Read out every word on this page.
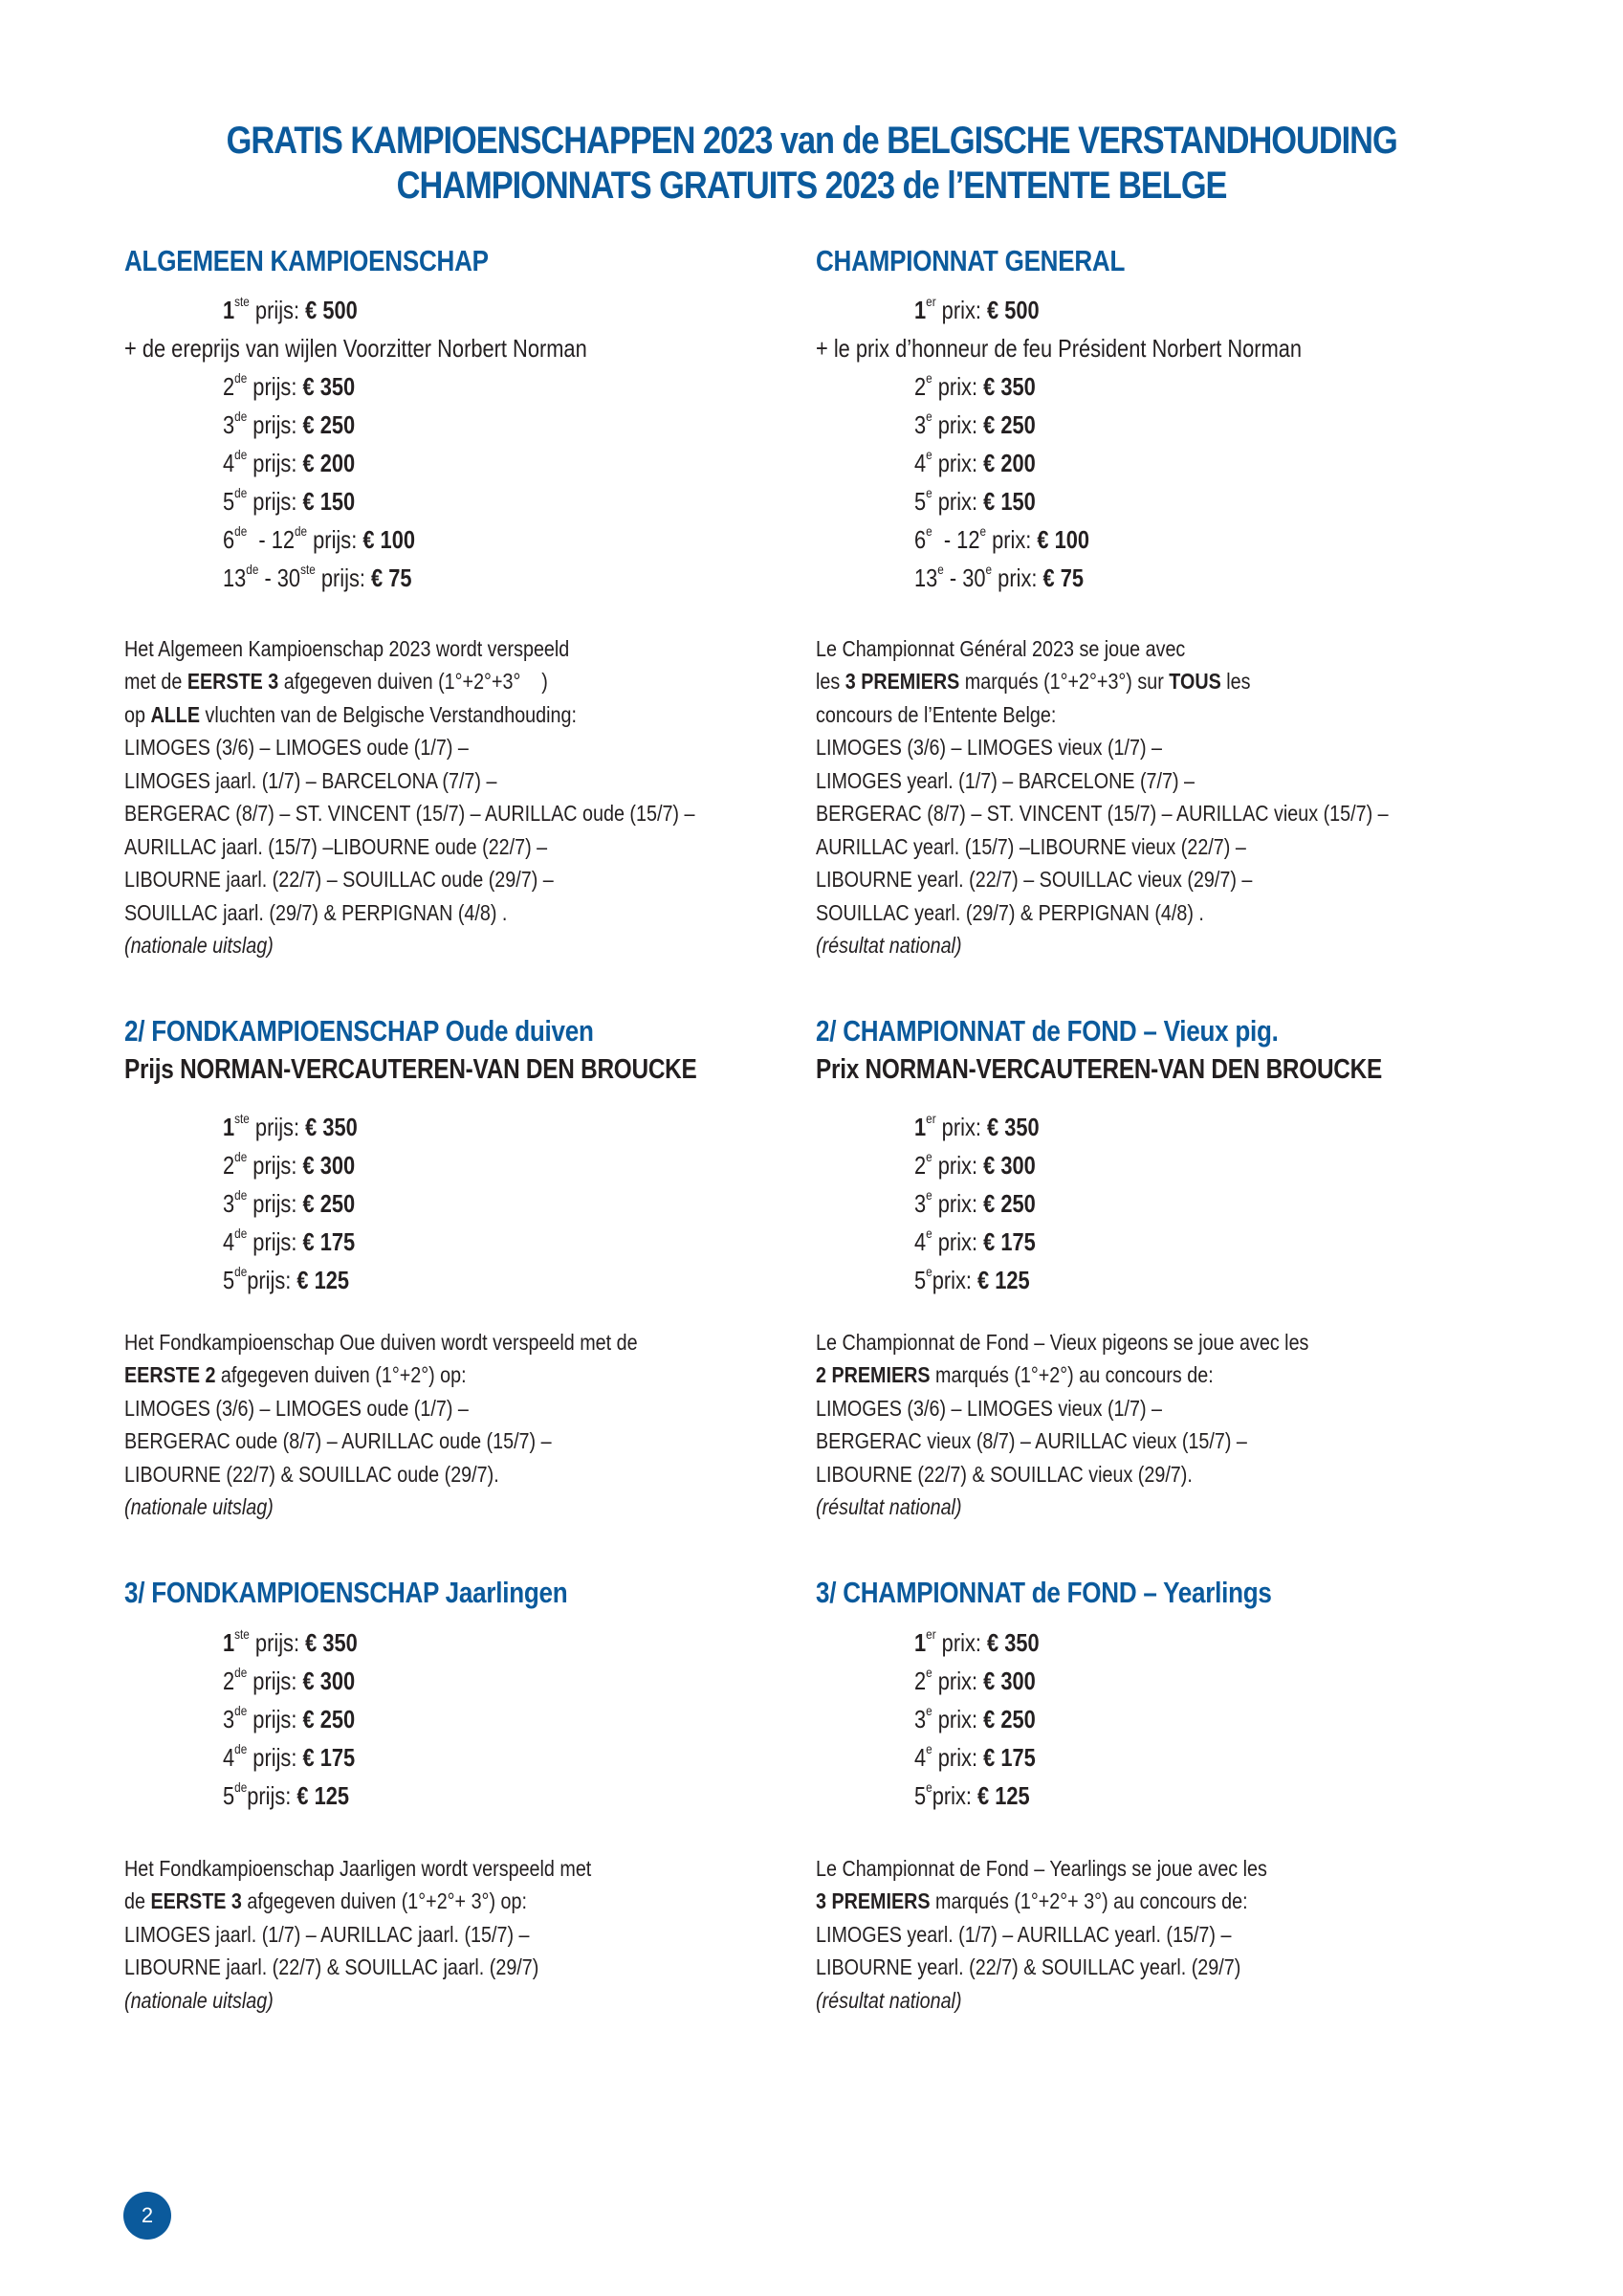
GRATIS KAMPIOENSCHAPPEN 2023 van de BELGISCHE VERSTANDHOUDING
CHAMPIONNATS GRATUITS 2023 de l’ENTENTE BELGE
ALGEMEEN KAMPIOENSCHAP
1ste prijs: € 500
+ de ereprijs van wijlen Voorzitter Norbert Norman
2de prijs: € 350
3de prijs: € 250
4de prijs: € 200
5de prijs: € 150
6de  - 12de prijs: € 100
13de - 30ste prijs: € 75
Het Algemeen Kampioenschap 2023 wordt verspeeld
met de EERSTE 3 afgegeven duiven (1°+2°+3°    )
op ALLE vluchten van de Belgische Verstandhouding:
LIMOGES (3/6) – LIMOGES oude (1/7) –
LIMOGES jaarl. (1/7) – BARCELONA (7/7) –
BERGERAC (8/7) – ST. VINCENT (15/7) – AURILLAC oude (15/7) –
AURILLAC jaarl. (15/7) –LIBOURNE oude (22/7) –
LIBOURNE jaarl. (22/7) – SOUILLAC oude (29/7) –
SOUILLAC jaarl. (29/7) & PERPIGNAN (4/8) .
(nationale uitslag)
2/ FONDKAMPIOENSCHAP Oude duiven
Prijs NORMAN-VERCAUTEREN-VAN DEN BROUCKE
1ste prijs: € 350
2de prijs: € 300
3de prijs: € 250
4de prijs: € 175
5deprijs: € 125
Het Fondkampioenschap Oue duiven wordt verspeeld met de
EERSTE 2 afgegeven duiven (1°+2°) op:
LIMOGES (3/6) – LIMOGES oude (1/7) –
BERGERAC oude (8/7) – AURILLAC oude (15/7) –
LIBOURNE (22/7) & SOUILLAC oude (29/7).
(nationale uitslag)
3/ FONDKAMPIOENSCHAP Jaarlingen
1ste prijs: € 350
2de prijs: € 300
3de prijs: € 250
4de prijs: € 175
5deprijs: € 125
Het Fondkampioenschap Jaarligen wordt verspeeld met
de EERSTE 3 afgegeven duiven (1°+2°+ 3°) op:
LIMOGES jaarl. (1/7) – AURILLAC jaarl. (15/7) –
LIBOURNE jaarl. (22/7) & SOUILLAC jaarl. (29/7)
(nationale uitslag)
CHAMPIONNAT GENERAL
1er prix: € 500
+ le prix d’honneur de feu Président Norbert Norman
2e prix: € 350
3e prix: € 250
4e prix: € 200
5e prix: € 150
6e  - 12e prix: € 100
13e - 30e prix: € 75
Le Championnat Général 2023 se joue avec
les 3 PREMIERS marqués (1°+2°+3°) sur TOUS les
concours de l’Entente Belge:
LIMOGES (3/6) – LIMOGES vieux (1/7) –
LIMOGES yearl. (1/7) – BARCELONE (7/7) –
BERGERAC (8/7) – ST. VINCENT (15/7) – AURILLAC vieux (15/7) –
AURILLAC yearl. (15/7) –LIBOURNE vieux (22/7) –
LIBOURNE yearl. (22/7) – SOUILLAC vieux (29/7) –
SOUILLAC yearl. (29/7) & PERPIGNAN (4/8) .
(résultat national)
2/ CHAMPIONNAT de FOND – Vieux pig.
Prix NORMAN-VERCAUTEREN-VAN DEN BROUCKE
1er prix: € 350
2e prix: € 300
3e prix: € 250
4e prix: € 175
5eprix: € 125
Le Championnat de Fond – Vieux pigeons se joue avec les
2 PREMIERS marqués (1°+2°) au concours de:
LIMOGES (3/6) – LIMOGES vieux (1/7) –
BERGERAC vieux (8/7) – AURILLAC vieux (15/7) –
LIBOURNE (22/7) & SOUILLAC vieux (29/7).
(résultat national)
3/ CHAMPIONNAT de FOND – Yearlings
1er prix: € 350
2e prix: € 300
3e prix: € 250
4e prix: € 175
5eprix: € 125
Le Championnat de Fond – Yearlings se joue avec les
3 PREMIERS marqués (1°+2°+ 3°) au concours de:
LIMOGES yearl. (1/7) – AURILLAC yearl. (15/7) –
LIBOURNE yearl. (22/7) & SOUILLAC yearl. (29/7)
(résultat national)
2
